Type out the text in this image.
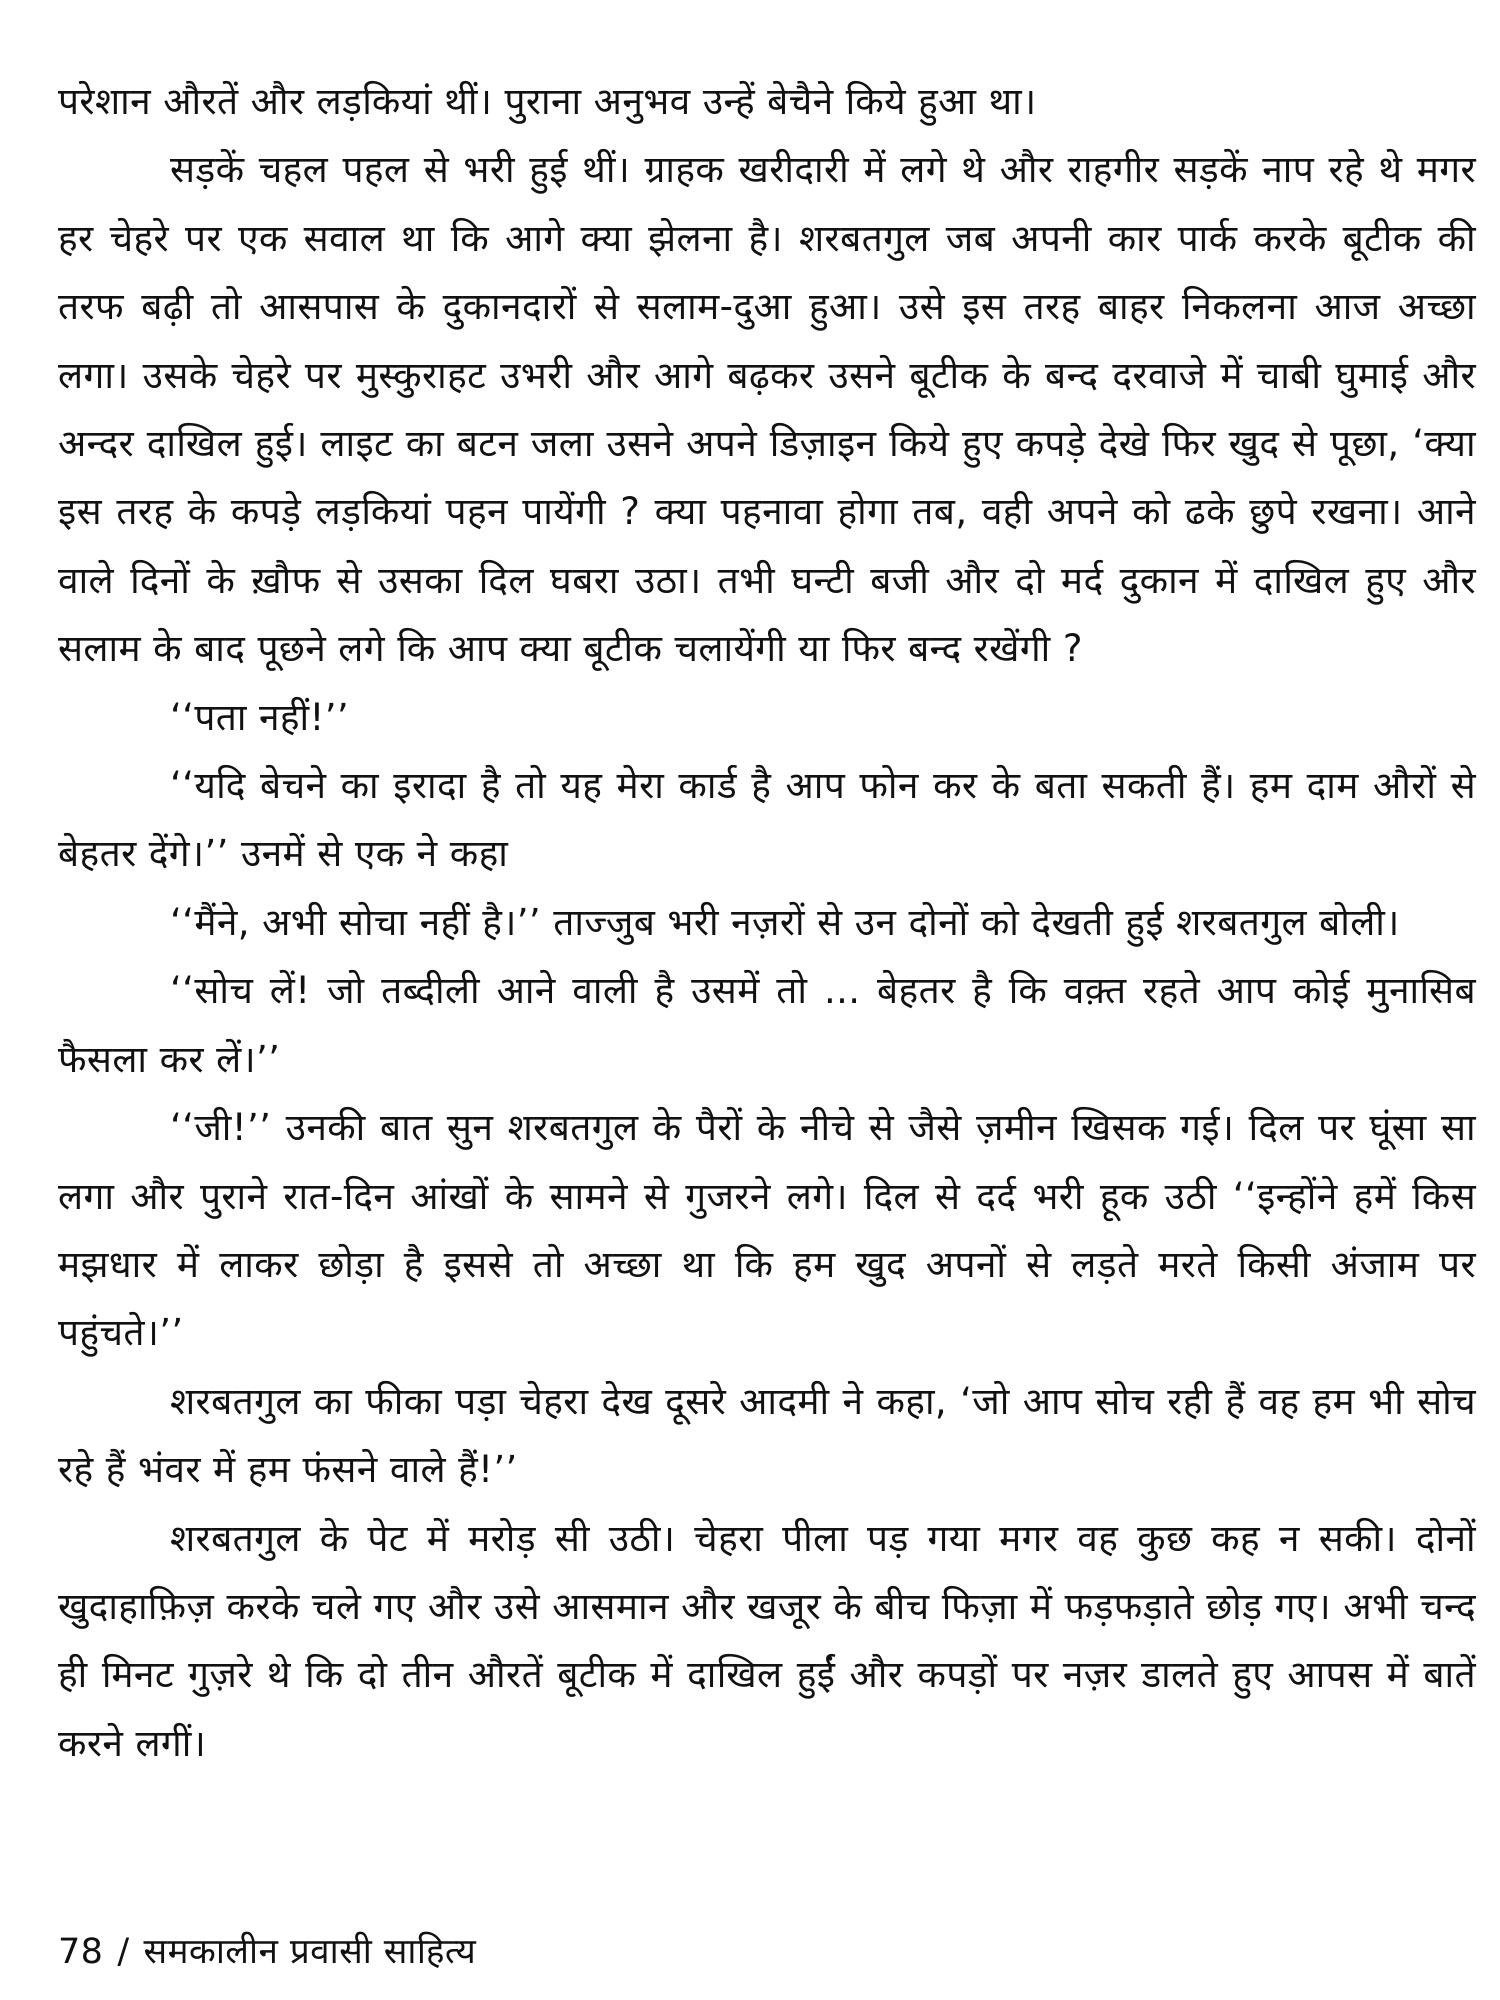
परेशान औरतें और लड़कियां थीं। पुराना अनुभव उन्हें बेचैने किये हुआ था।

सड़कें चहल पहल से भरी हुई थीं। ग्राहक खरीदारी में लगे थे और राहगीर सड़कें नाप रहे थे मगर हर चेहरे पर एक सवाल था कि आगे क्या झेलना है। शरबतगुल जब अपनी कार पार्क करके बूटीक की तरफ बढ़ी तो आसपास के दुकानदारों से सलाम-दुआ हुआ। उसे इस तरह बाहर निकलना आज अच्छा लगा। उसके चेहरे पर मुस्कुराहट उभरी और आगे बढ़कर उसने बूटीक के बन्द दरवाजे में चाबी घुमाई और अन्दर दाखिल हुई। लाइट का बटन जला उसने अपने डिज़ाइन किये हुए कपड़े देखे फिर खुद से पूछा, ‘क्या इस तरह के कपड़े लड़कियां पहन पायेंगी ? क्या पहनावा होगा तब, वही अपने को ढके छुपे रखना। आने वाले दिनों के ख़ौफ से उसका दिल घबरा उठा। तभी घन्टी बजी और दो मर्द दुकान में दाखिल हुए और सलाम के बाद पूछने लगे कि आप क्या बूटीक चलायेंगी या फिर बन्द रखेंगी ?

‘‘पता नहीं!’’

‘‘यदि बेचने का इरादा है तो यह मेरा कार्ड है आप फोन कर के बता सकती हैं। हम दाम औरों से बेहतर देंगे।’’ उनमें से एक ने कहा

‘‘मैंने, अभी सोचा नहीं है।’’ ताज्जुब भरी नज़रों से उन दोनों को देखती हुई शरबतगुल बोली।

‘‘सोच लें! जो तब्दीली आने वाली है उसमें तो ... बेहतर है कि वक़्त रहते आप कोई मुनासिब फैसला कर लें।’’

‘‘जी!’’ उनकी बात सुन शरबतगुल के पैरों के नीचे से जैसे ज़मीन खिसक गई। दिल पर घूंसा सा लगा और पुराने रात-दिन आंखों के सामने से गुजरने लगे। दिल से दर्द भरी हूक उठी ‘‘इन्होंने हमें किस मझधार में लाकर छोड़ा है इससे तो अच्छा था कि हम खुद अपनों से लड़ते मरते किसी अंजाम पर पहुंचते।’’

शरबतगुल का फीका पड़ा चेहरा देख दूसरे आदमी ने कहा, ‘जो आप सोच रही हैं वह हम भी सोच रहे हैं भंवर में हम फंसने वाले हैं!’’

शरबतगुल के पेट में मरोड़ सी उठी। चेहरा पीला पड़ गया मगर वह कुछ कह न सकी। दोनों खुदाहाफ़िज़ करके चले गए और उसे आसमान और खजूर के बीच फिज़ा में फड़फड़ाते छोड़ गए। अभी चन्द ही मिनट गुज़रे थे कि दो तीन औरतें बूटीक में दाखिल हुईं और कपड़ों पर नज़र डालते हुए आपस में बातें करने लगीं।

78 / समकालीन प्रवासी साहित्य
